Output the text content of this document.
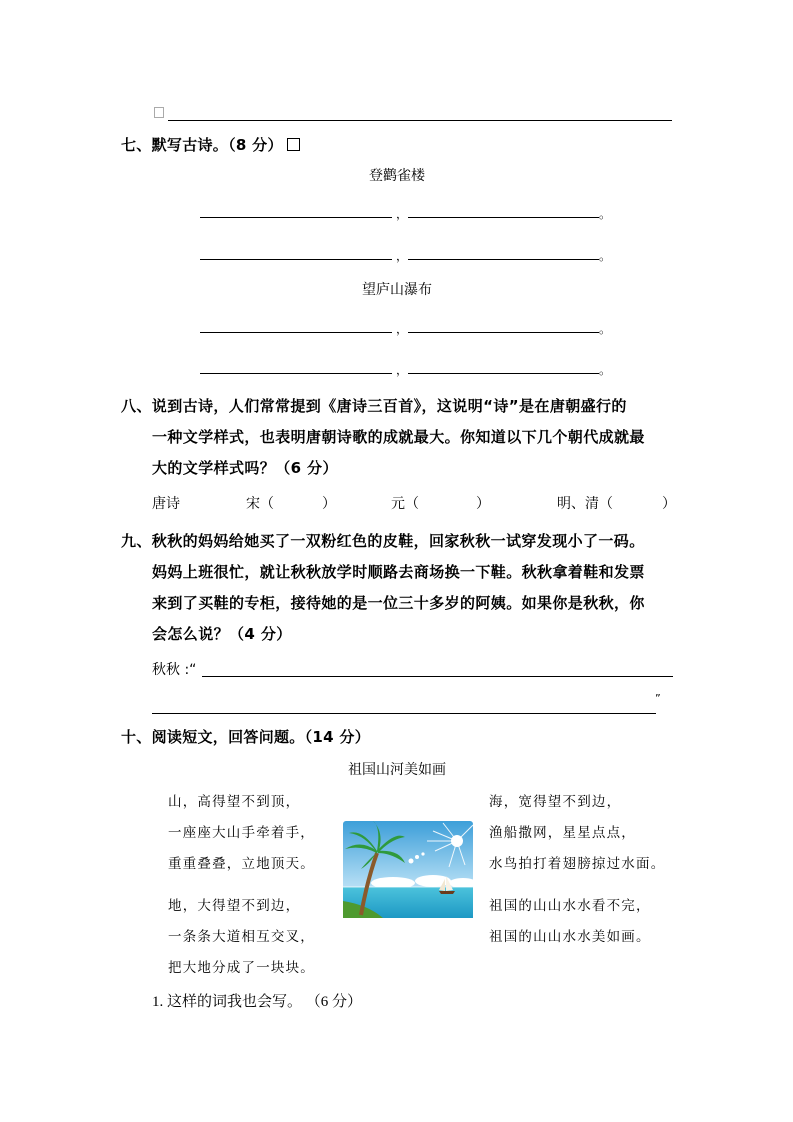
七、默写古诗。（8 分）
登鹳雀楼
，	。
，	。
望庐山瀑布
，	。
，	。
八、说到古诗，人们常常提到《唐诗三百首》，这说明“诗”是在唐朝盛行的
一种文学样式，也表明唐朝诗歌的成就最大。你知道以下几个朝代成就最
大的文学样式吗？（6 分）
唐诗	宋（	）	元（	）	明、清（	）
九、秋秋的妈妈给她买了一双粉红色的皮鞋，回家秋秋一试穿发现小了一码。
妈妈上班很忙，就让秋秋放学时顺路去商场换一下鞋。秋秋拿着鞋和发票
来到了买鞋的专柜，接待她的是一位三十多岁的阿姨。如果你是秋秋，你
会怎么说？（4 分）
秋秋 :“
”
十、阅读短文，回答问题。（14 分）
祖国山河美如画
山，高得望不到顶，
一座座大山手牵着手，
重重叠叠，立地顶天。
地，大得望不到边，
一条条大道相互交叉，
把大地分成了一块块。
海，宽得望不到边，
渔船撒网，星星点点，
水鸟拍打着翅膀掠过水面。
祖国的山山水水看不完，
祖国的山山水水美如画。
1. 这样的词我也会写。 （6 分）
